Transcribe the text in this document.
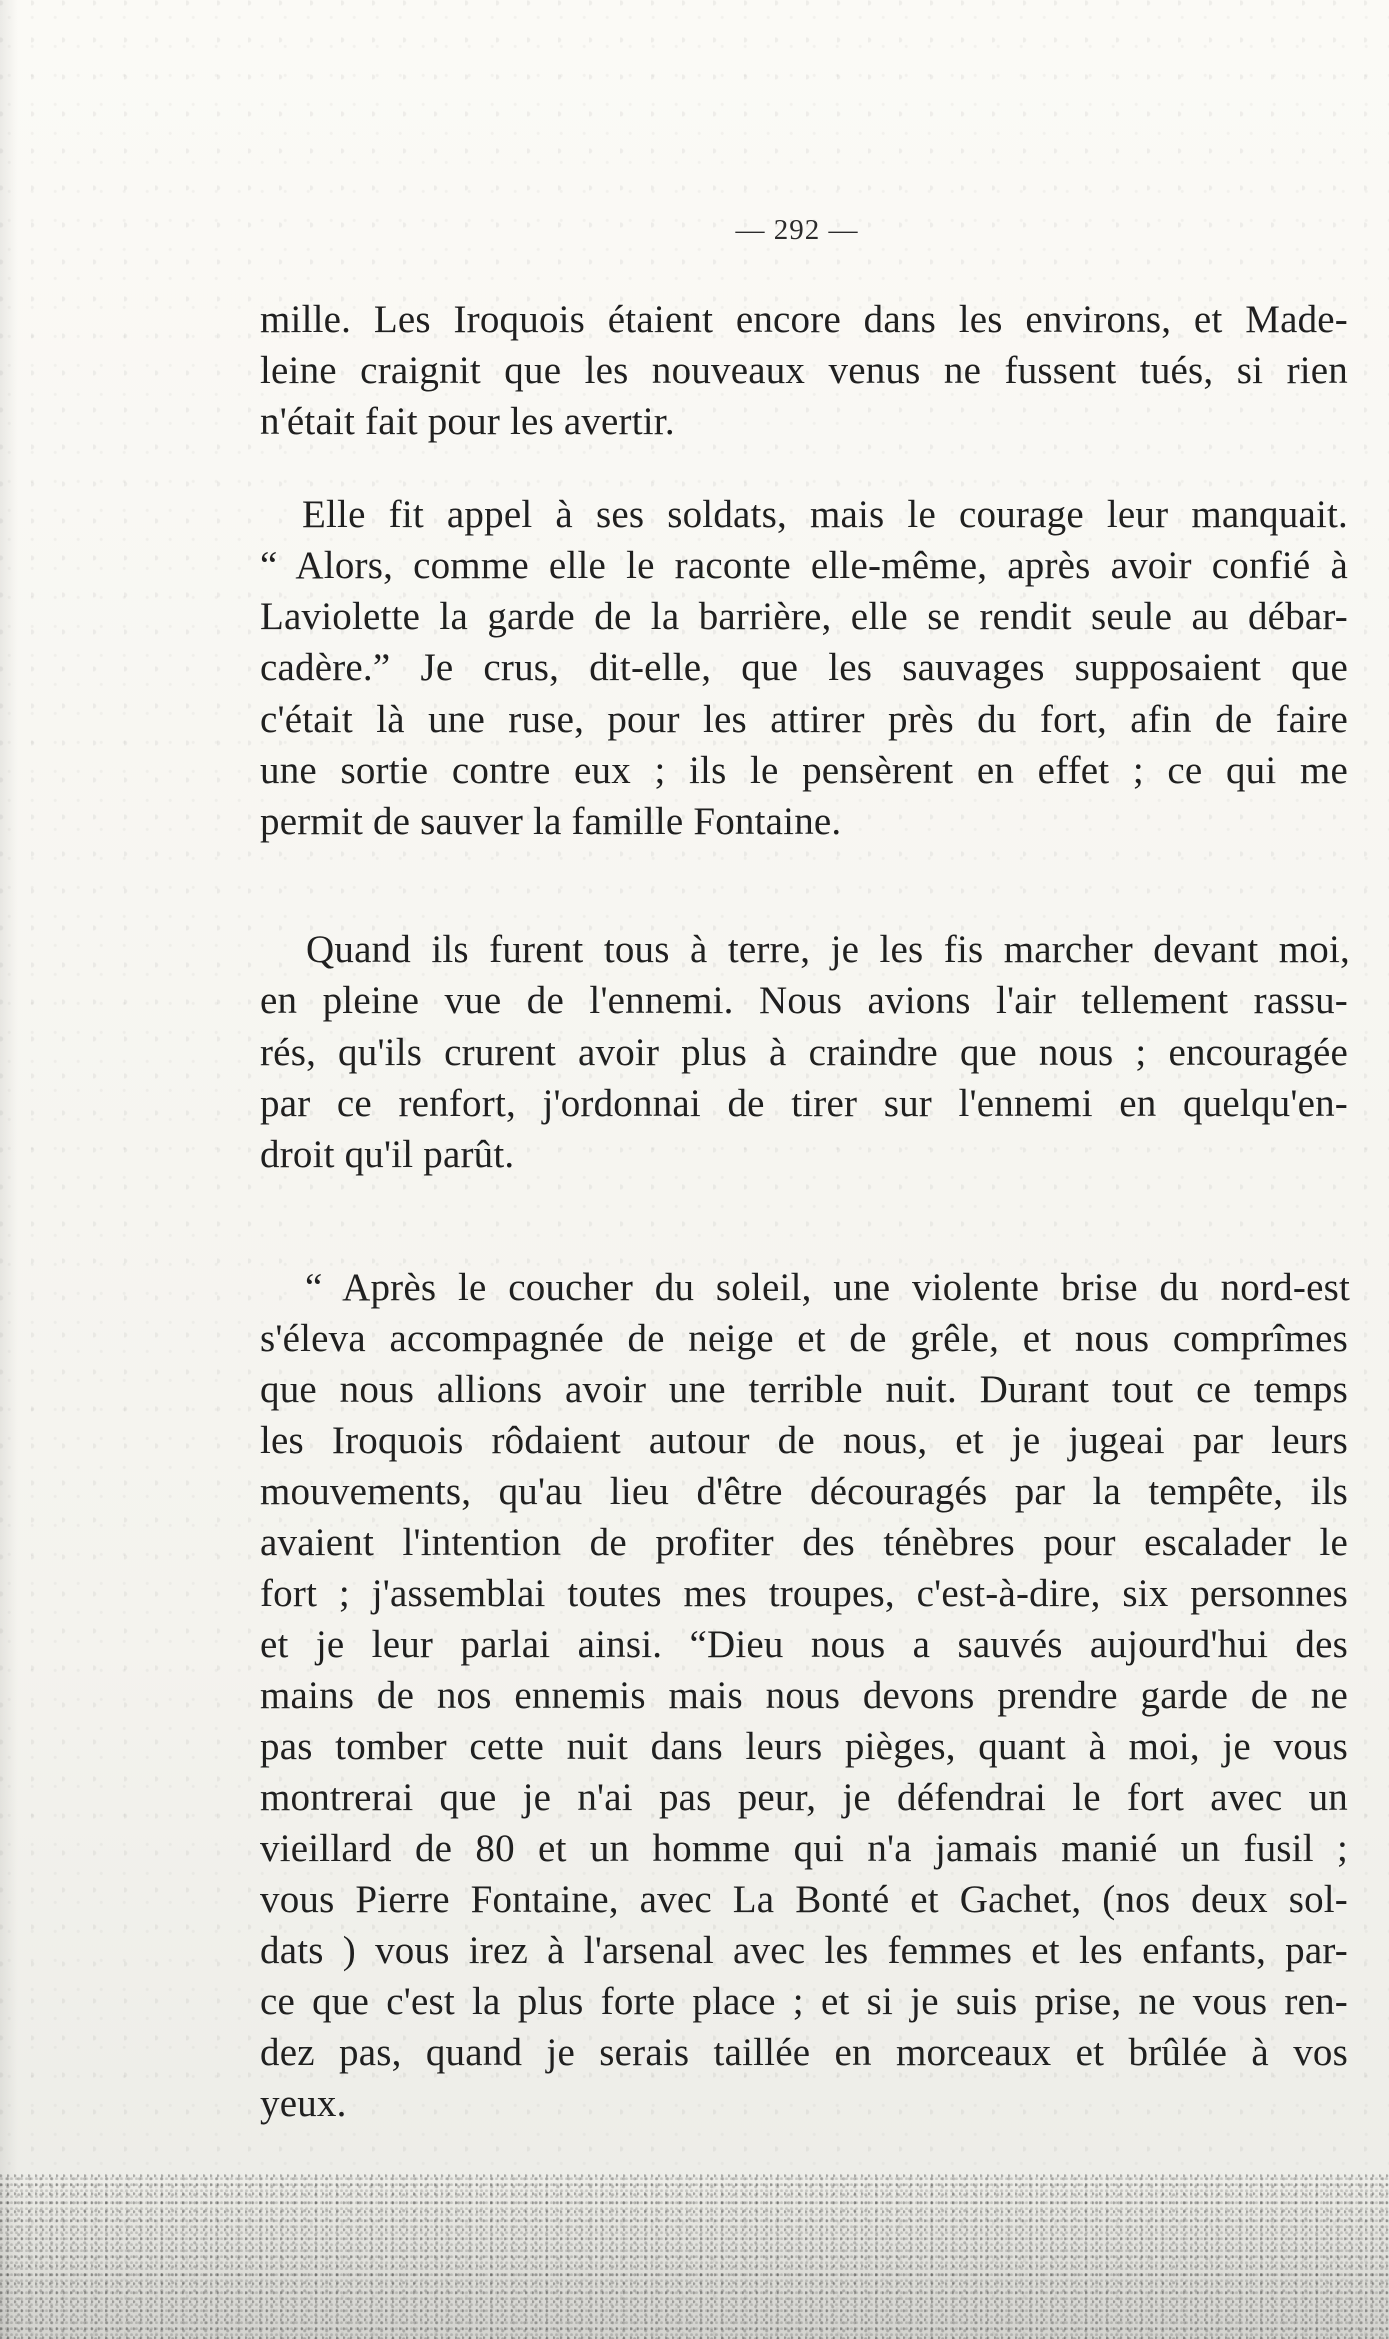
— 292 —
mille. Les Iroquois étaient encore dans les environs, et Made-
leine craignit que les nouveaux venus ne fussent tués, si rien
n'était fait pour les avertir.
Elle fit appel à ses soldats, mais le courage leur manquait.
“ Alors, comme elle le raconte elle-même, après avoir confié à
Laviolette la garde de la barrière, elle se rendit seule au débar-
cadère.” Je crus, dit-elle, que les sauvages supposaient que
c'était là une ruse, pour les attirer près du fort, afin de faire
une sortie contre eux ; ils le pensèrent en effet ; ce qui me
permit de sauver la famille Fontaine.
Quand ils furent tous à terre, je les fis marcher devant moi,
en pleine vue de l'ennemi. Nous avions l'air tellement rassu-
rés, qu'ils crurent avoir plus à craindre que nous ; encouragée
par ce renfort, j'ordonnai de tirer sur l'ennemi en quelqu'en-
droit qu'il parût.
“ Après le coucher du soleil, une violente brise du nord-est
s'éleva accompagnée de neige et de grêle, et nous comprîmes
que nous allions avoir une terrible nuit. Durant tout ce temps
les Iroquois rôdaient autour de nous, et je jugeai par leurs
mouvements, qu'au lieu d'être découragés par la tempête, ils
avaient l'intention de profiter des ténèbres pour escalader le
fort ; j'assemblai toutes mes troupes, c'est-à-dire, six personnes
et je leur parlai ainsi. “Dieu nous a sauvés aujourd'hui des
mains de nos ennemis mais nous devons prendre garde de ne
pas tomber cette nuit dans leurs pièges, quant à moi, je vous
montrerai que je n'ai pas peur, je défendrai le fort avec un
vieillard de 80 et un homme qui n'a jamais manié un fusil ;
vous Pierre Fontaine, avec La Bonté et Gachet, (nos deux sol-
dats ) vous irez à l'arsenal avec les femmes et les enfants, par-
ce que c'est la plus forte place ; et si je suis prise, ne vous ren-
dez pas, quand je serais taillée en morceaux et brûlée à vos
yeux.
